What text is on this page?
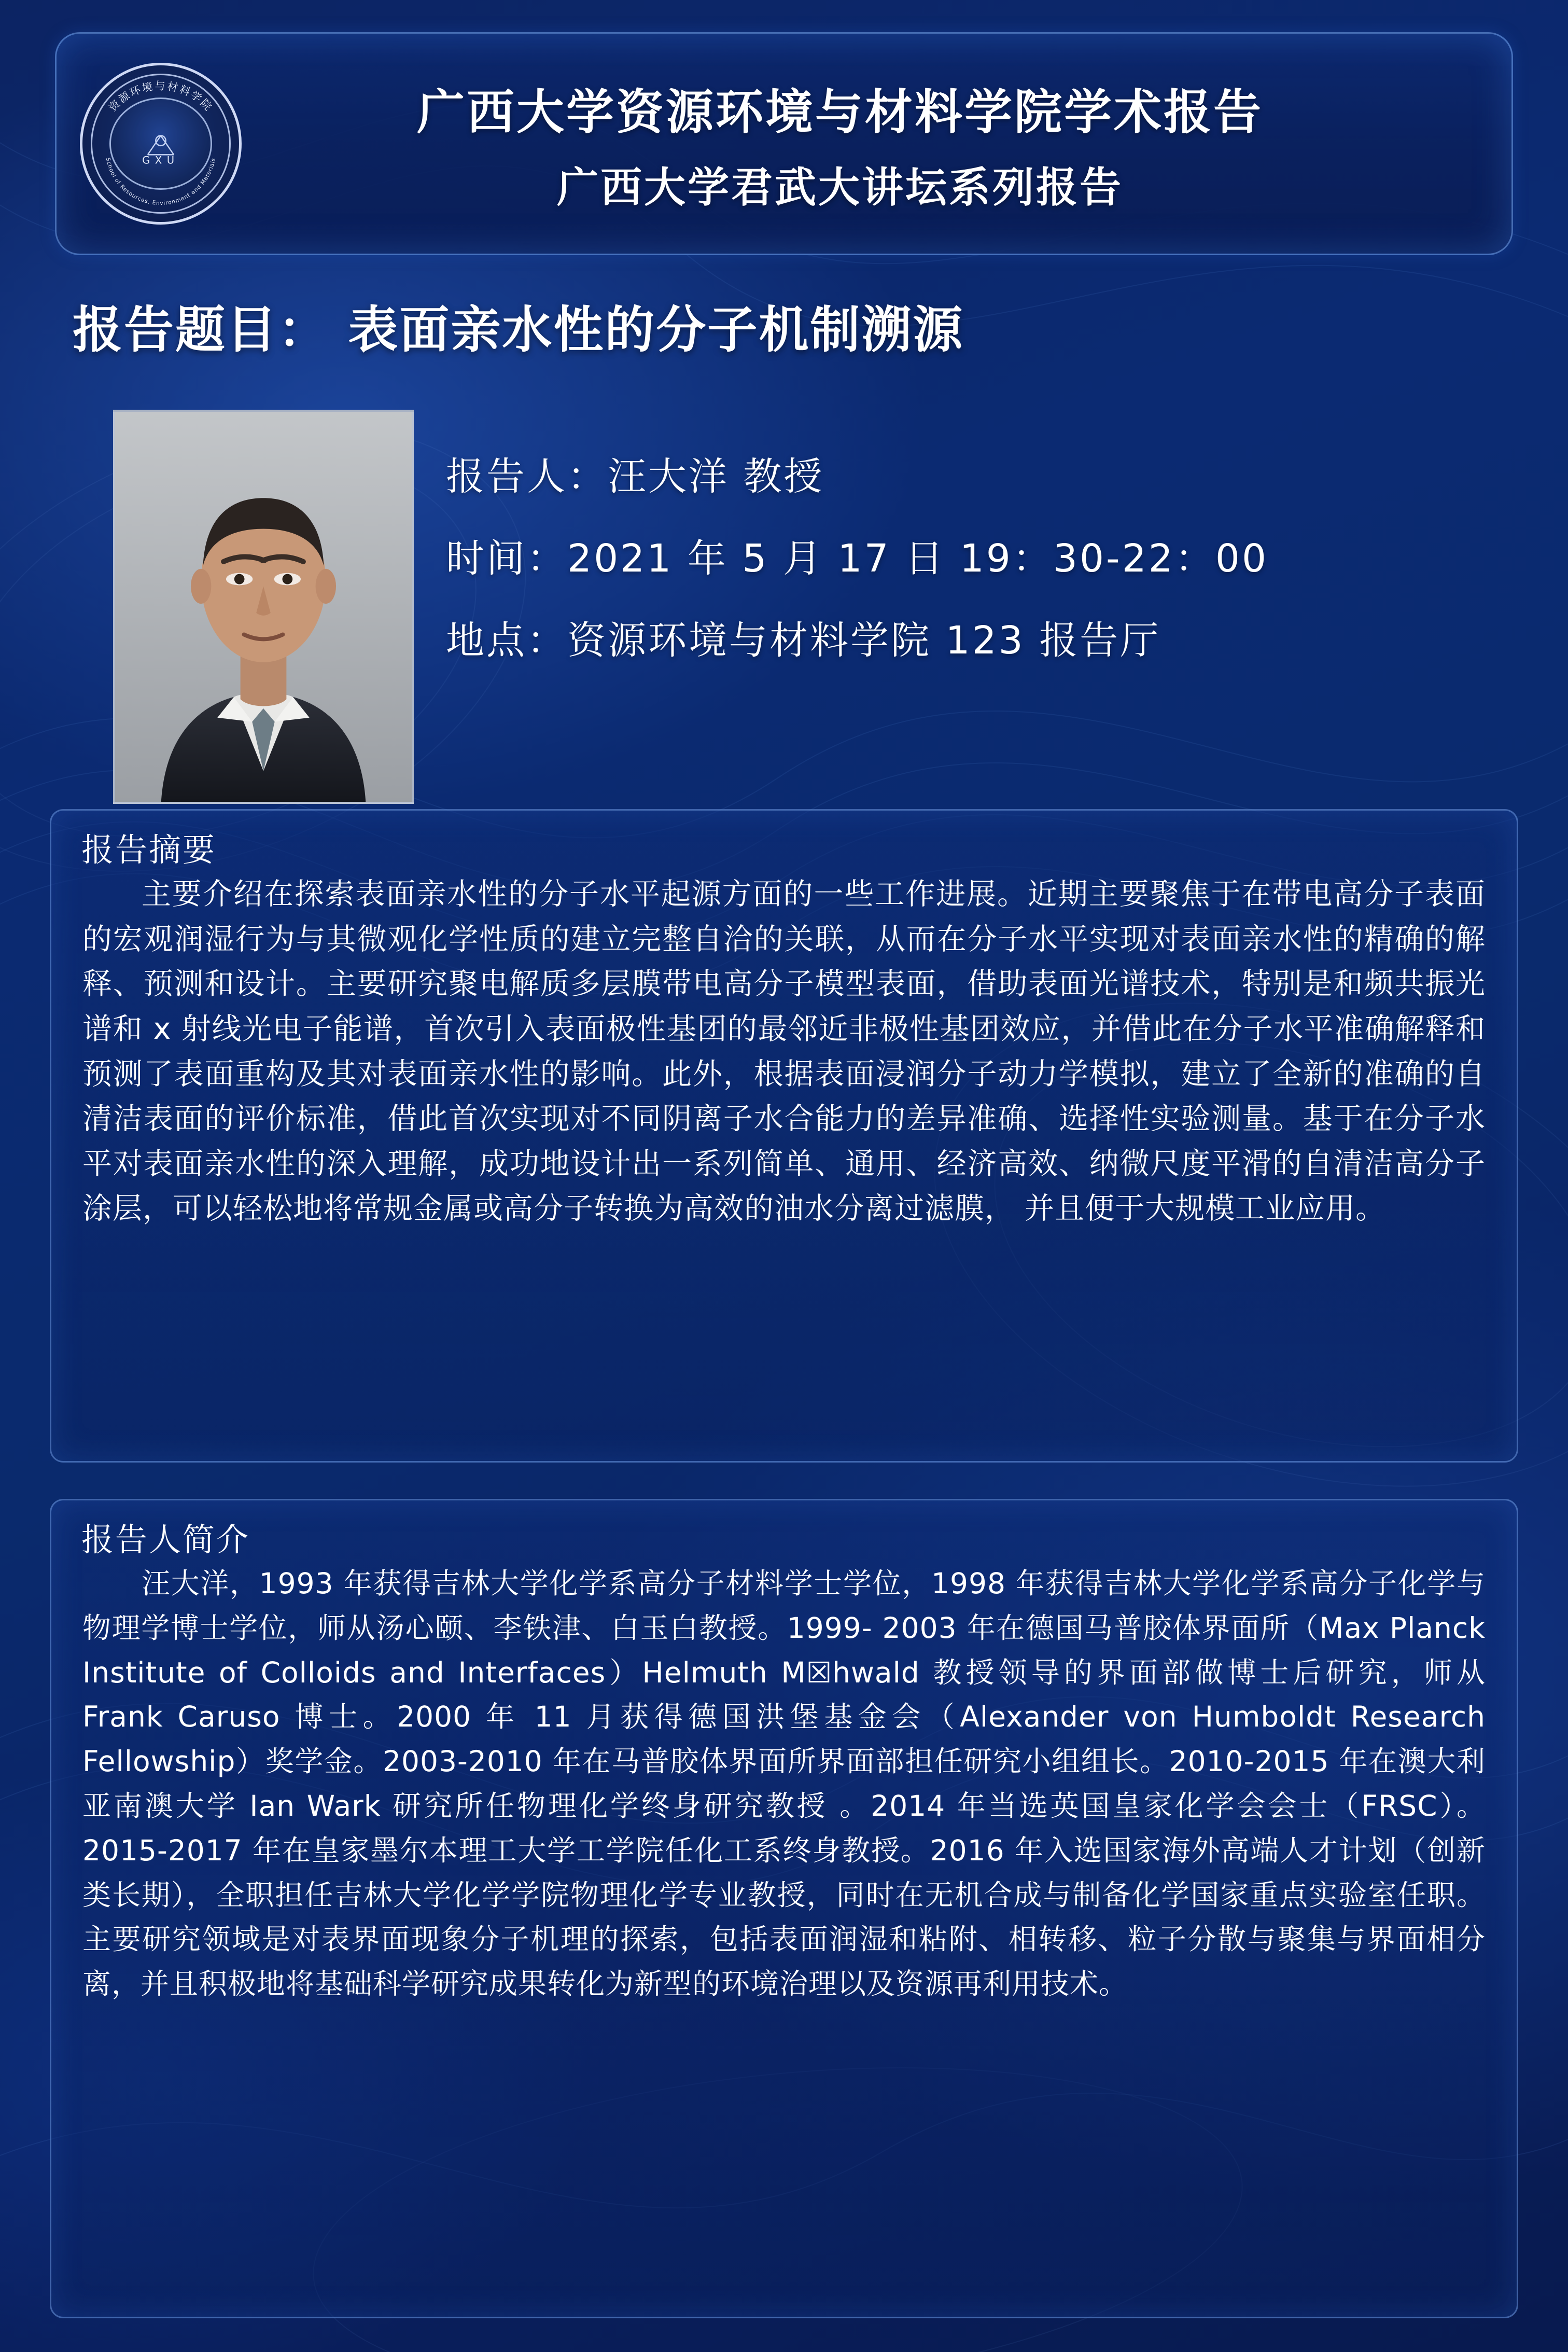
资源环境与材料学院
School of Resources, Environment and Materials
GXU
广西大学资源环境与材料学院学术报告
广西大学君武大讲坛系列报告
报告题目： 表面亲水性的分子机制溯源
报告人：汪大洋 教授
时间：2021 年 5 月 17 日 19：30-22：00
地点：资源环境与材料学院 123 报告厅
报告摘要
主要介绍在探索表面亲水性的分子水平起源方面的一些工作进展。近期主要聚焦于在带电高分子表面的宏观润湿行为与其微观化学性质的建立完整自洽的关联，从而在分子水平实现对表面亲水性的精确的解释、预测和设计。主要研究聚电解质多层膜带电高分子模型表面，借助表面光谱技术，特别是和频共振光谱和 x 射线光电子能谱，首次引入表面极性基团的最邻近非极性基团效应，并借此在分子水平准确解释和预测了表面重构及其对表面亲水性的影响。此外，根据表面浸润分子动力学模拟，建立了全新的准确的自清洁表面的评价标准，借此首次实现对不同阴离子水合能力的差异准确、选择性实验测量。基于在分子水平对表面亲水性的深入理解，成功地设计出一系列简单、通用、经济高效、纳微尺度平滑的自清洁高分子涂层，可以轻松地将常规金属或高分子转换为高效的油水分离过滤膜， 并且便于大规模工业应用。
报告人简介
汪大洋，1993 年获得吉林大学化学系高分子材料学士学位，1998 年获得吉林大学化学系高分子化学与物理学博士学位，师从汤心颐、李铁津、白玉白教授。1999- 2003 年在德国马普胶体界面所（Max Planck Institute of Colloids and Interfaces）Helmuth M☒hwald 教授领导的界面部做博士后研究，师从 Frank Caruso 博士。2000 年 11 月获得德国洪堡基金会（Alexander von Humboldt Research Fellowship）奖学金。2003-2010 年在马普胶体界面所界面部担任研究小组组长。2010-2015 年在澳大利亚南澳大学 Ian Wark 研究所任物理化学终身研究教授 。2014 年当选英国皇家化学会会士（FRSC）。2015-2017 年在皇家墨尔本理工大学工学院任化工系终身教授。2016 年入选国家海外高端人才计划（创新类长期），全职担任吉林大学化学学院物理化学专业教授，同时在无机合成与制备化学国家重点实验室任职。主要研究领域是对表界面现象分子机理的探索，包括表面润湿和粘附、相转移、粒子分散与聚集与界面相分离，并且积极地将基础科学研究成果转化为新型的环境治理以及资源再利用技术。
